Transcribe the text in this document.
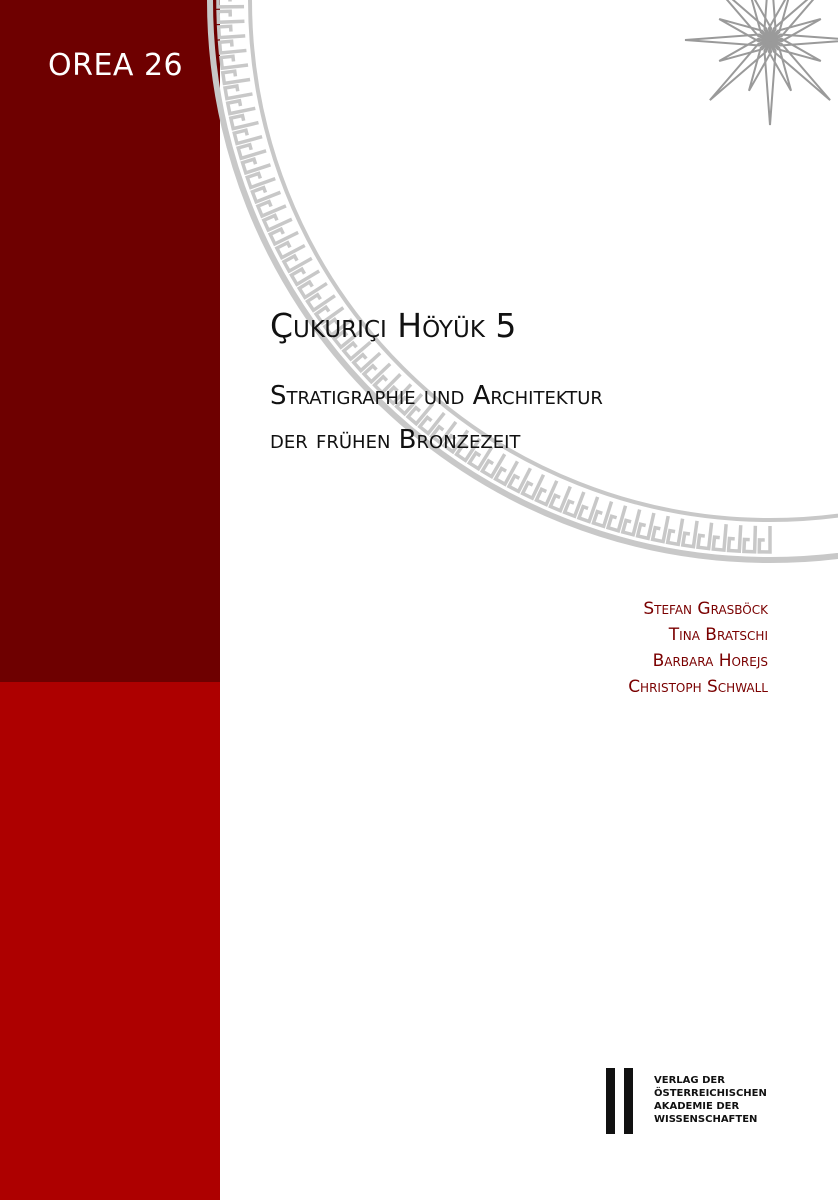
OREA 26
Çukuriçi Höyük 5
Stratigraphie und Architektur
der frühen Bronzezeit
Stefan Grasböck
Tina Bratschi
Barbara Horejs
Christoph Schwall
VERLAG DER
ÖSTERREICHISCHEN
AKADEMIE DER
WISSENSCHAFTEN
